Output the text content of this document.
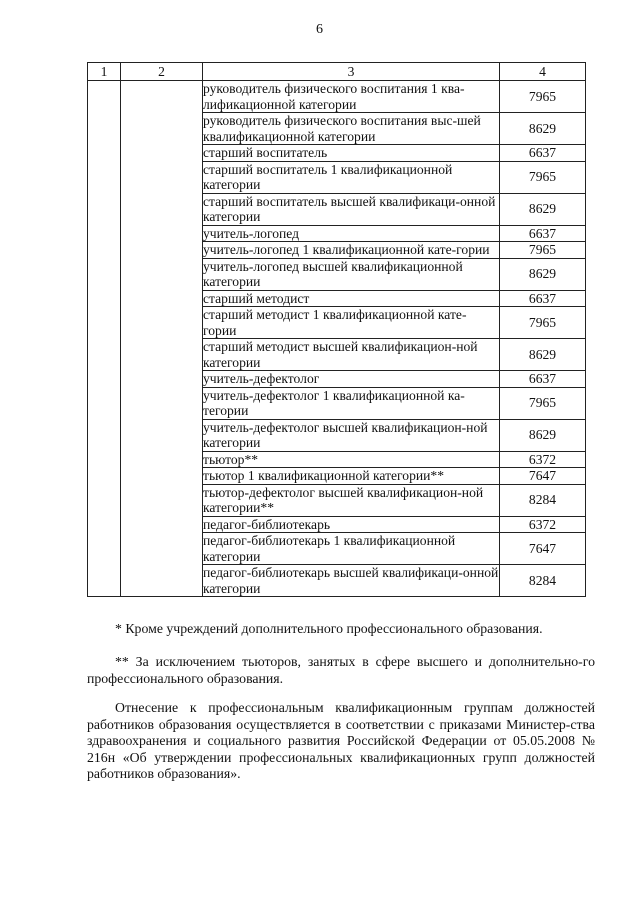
6
1	2	3	4
		руководитель физического воспитания 1 ква-лификационной категории	7965
		руководитель физического воспитания выс-шей квалификационной категории	8629
		старший воспитатель	6637
		старший воспитатель 1 квалификационной категории	7965
		старший воспитатель высшей квалификаци-онной категории	8629
		учитель-логопед	6637
		учитель-логопед 1 квалификационной кате-гории	7965
		учитель-логопед высшей квалификационной категории	8629
		старший методист	6637
		старший методист 1 квалификационной кате-гории	7965
		старший методист высшей квалификацион-ной категории	8629
		учитель-дефектолог	6637
		учитель-дефектолог 1 квалификационной ка-тегории	7965
		учитель-дефектолог высшей квалификацион-ной категории	8629
		тьютор**	6372
		тьютор 1 квалификационной категории**	7647
		тьютор-дефектолог высшей квалификацион-ной категории**	8284
		педагог-библиотекарь	6372
		педагог-библиотекарь 1 квалификационной категории	7647
		педагог-библиотекарь высшей квалификаци-онной категории	8284
* Кроме учреждений дополнительного профессионального образования.
** За исключением тьюторов, занятых в сфере высшего и дополнительно-го профессионального образования.
Отнесение к профессиональным квалификационным группам должностей работников образования осуществляется в соответствии с приказами Министер-ства здравоохранения и социального развития Российской Федерации от 05.05.2008 № 216н «Об утверждении профессиональных квалификационных групп должностей работников образования».
